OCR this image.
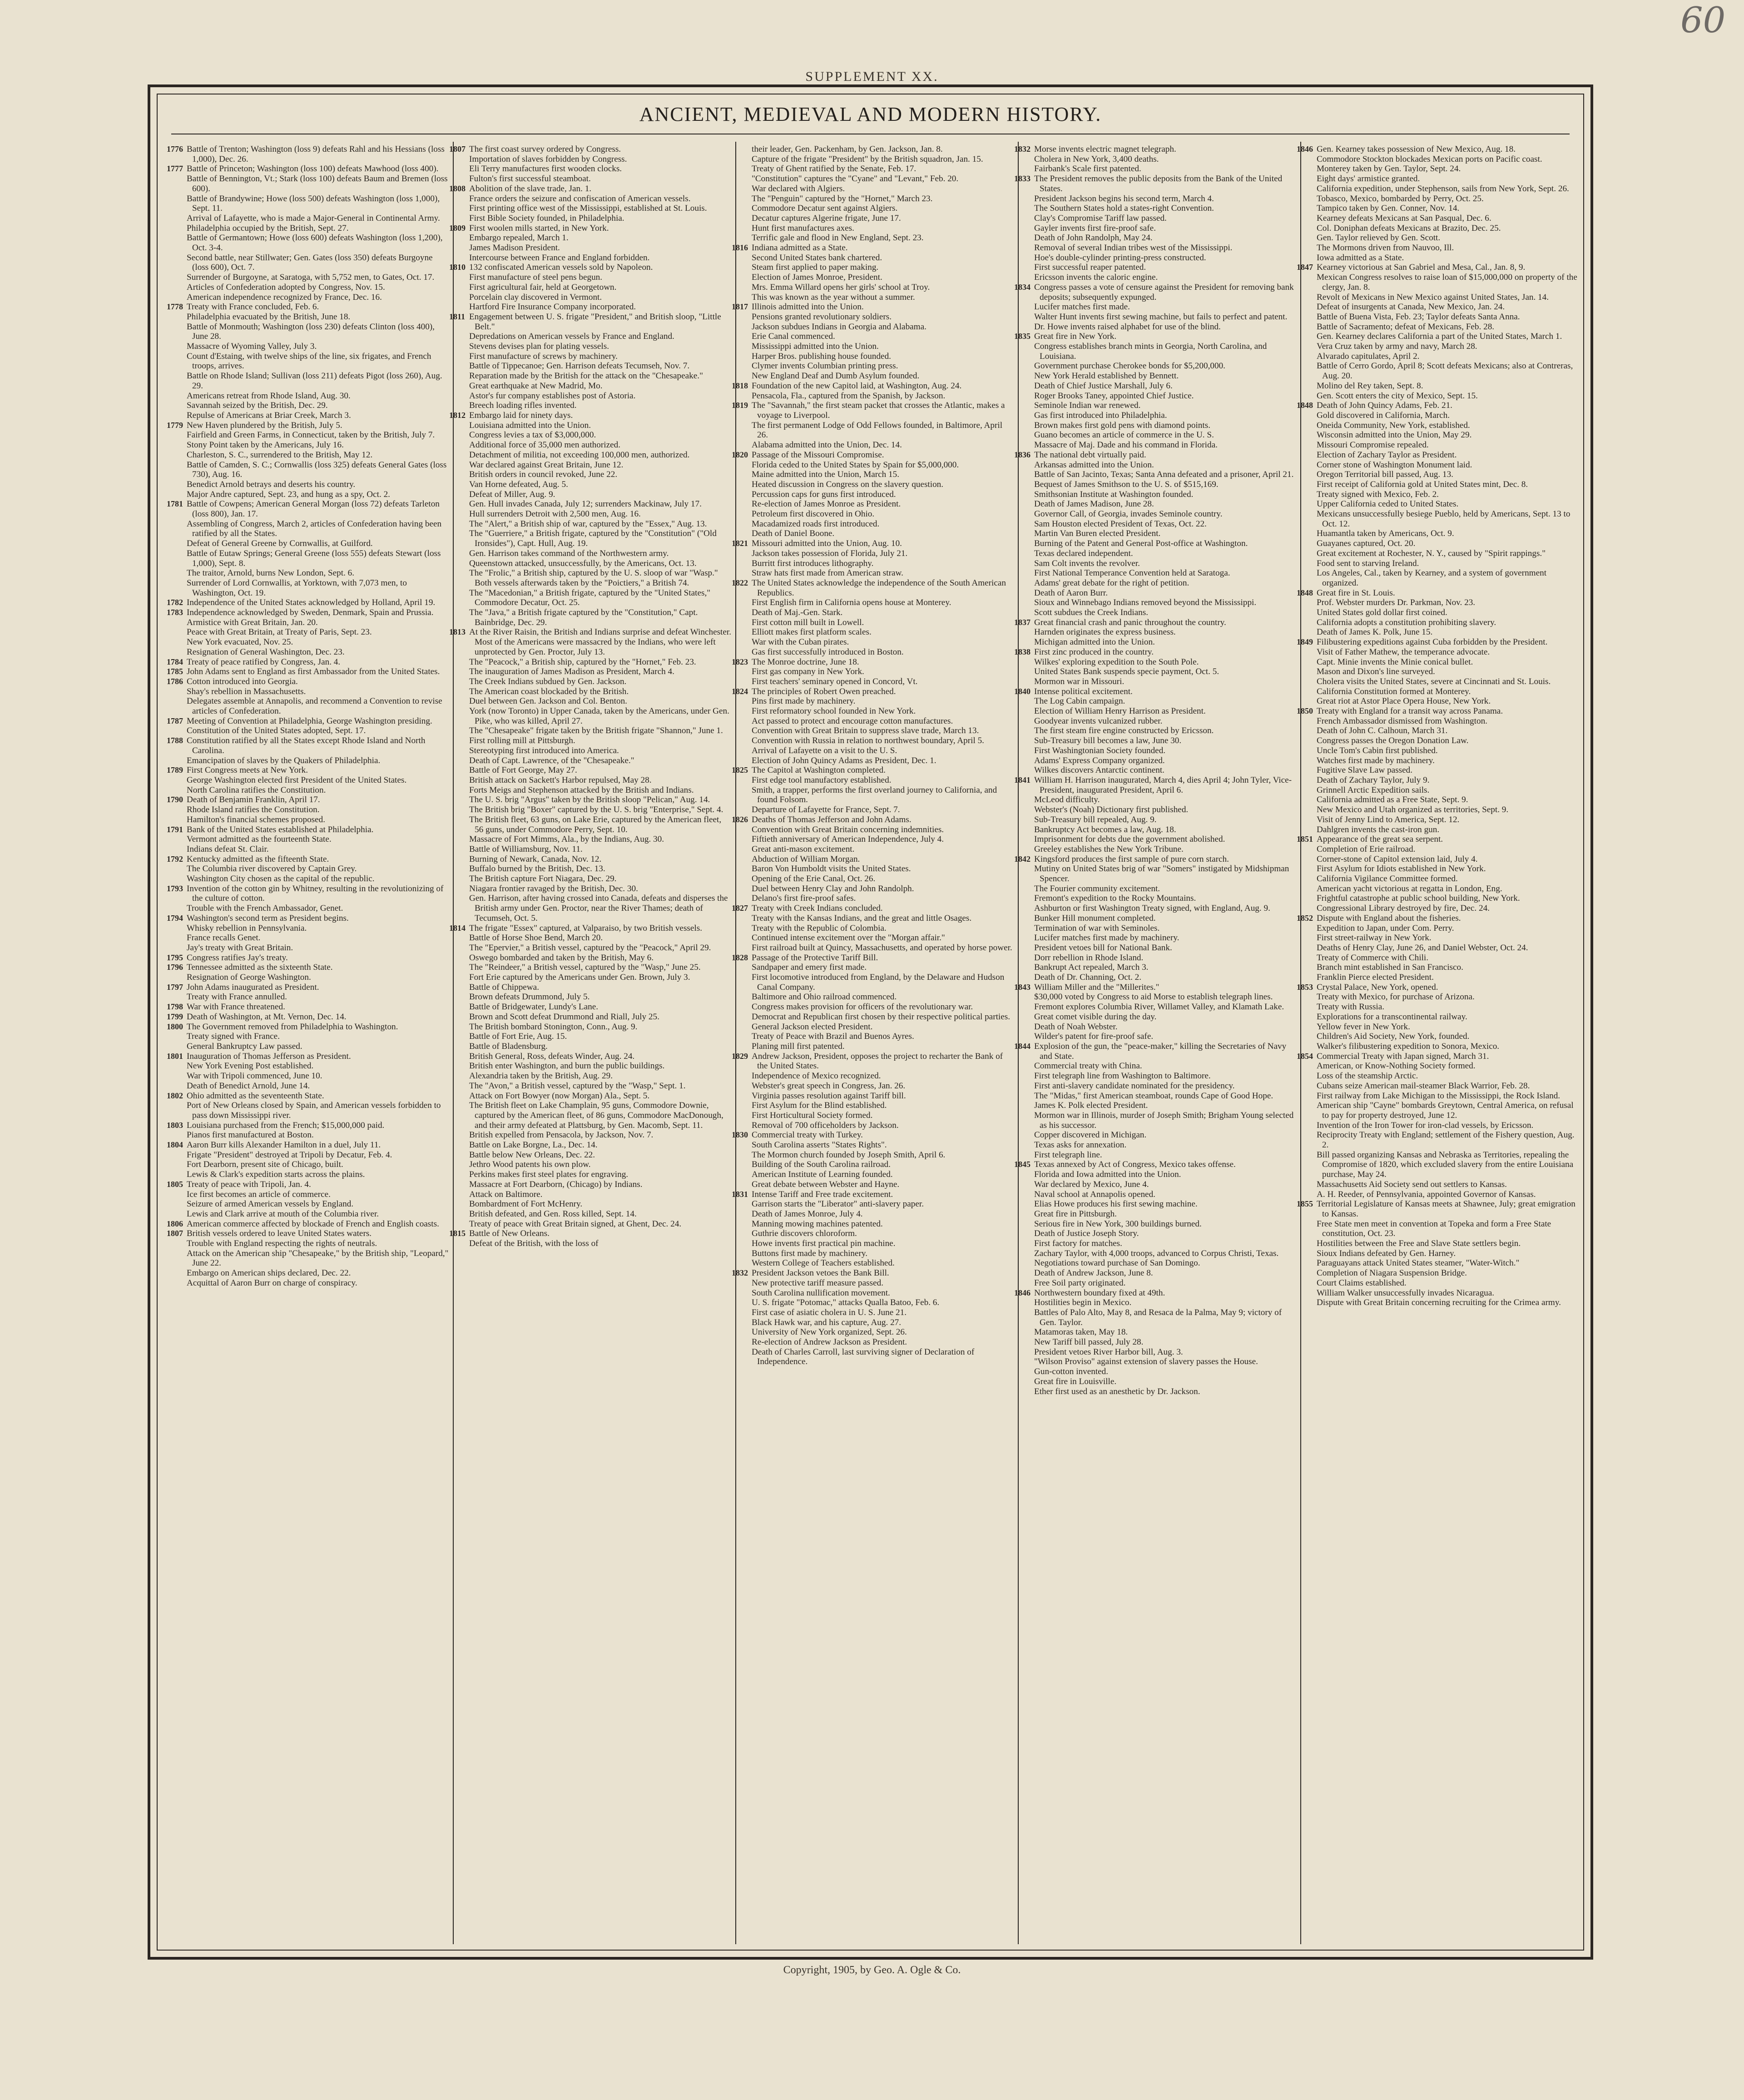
60
SUPPLEMENT XX.
ANCIENT, MEDIEVAL AND MODERN HISTORY.
1776 Battle of Trenton; Washington (loss 9) defeats Rahl and his Hessians (loss 1,000), Dec. 26.
1777 Battle of Princeton; Washington (loss 100) defeats Mawhood (loss 400).
Battle of Bennington, Vt.; Stark (loss 100) defeats Baum and Bremen (loss 600).
Battle of Brandywine; Howe (loss 500) defeats Washington (loss 1,000), Sept. 11.
Arrival of Lafayette, who is made a Major-General in Continental Army.
Philadelphia occupied by the British, Sept. 27.
Battle of Germantown; Howe (loss 600) defeats Washington (loss 1,200), Oct. 3-4.
Second battle, near Stillwater; Gen. Gates (loss 350) defeats Burgoyne (loss 600), Oct. 7.
Surrender of Burgoyne, at Saratoga, with 5,752 men, to Gates, Oct. 17.
Articles of Confederation adopted by Congress, Nov. 15.
American independence recognized by France, Dec. 16.
1778 Treaty with France concluded, Feb. 6.
Philadelphia evacuated by the British, June 18.
Battle of Monmouth; Washington (loss 230) defeats Clinton (loss 400), June 28.
Massacre of Wyoming Valley, July 3.
Count d'Estaing, with twelve ships of the line, six frigates, and French troops, arrives.
Battle on Rhode Island; Sullivan (loss 211) defeats Pigot (loss 260), Aug. 29.
Americans retreat from Rhode Island, Aug. 30.
Savannah seized by the British, Dec. 29.
Repulse of Americans at Briar Creek, March 3.
1779 New Haven plundered by the British, July 5.
Fairfield and Green Farms, in Connecticut, taken by the British, July 7.
Stony Point taken by the Americans, July 16.
Charleston, S. C., surrendered to the British, May 12.
Battle of Camden, S. C.; Cornwallis (loss 325) defeats General Gates (loss 730), Aug. 16.
Benedict Arnold betrays and deserts his country.
Major Andre captured, Sept. 23, and hung as a spy, Oct. 2.
1781 Battle of Cowpens; American General Morgan (loss 72) defeats Tarleton (loss 800), Jan. 17.
Assembling of Congress, March 2, articles of Confederation having been ratified by all the States.
Defeat of General Greene by Cornwallis, at Guilford.
Battle of Eutaw Springs; General Greene (loss 555) defeats Stewart (loss 1,000), Sept. 8.
The traitor, Arnold, burns New London, Sept. 6.
Surrender of Lord Cornwallis, at Yorktown, with 7,073 men, to Washington, Oct. 19.
1782 Independence of the United States acknowledged by Holland, April 19.
1783 Independence acknowledged by Sweden, Denmark, Spain and Prussia.
Armistice with Great Britain, Jan. 20.
Peace with Great Britain, at Treaty of Paris, Sept. 23.
New York evacuated, Nov. 25.
Resignation of General Washington, Dec. 23.
1784 Treaty of peace ratified by Congress, Jan. 4.
1785 John Adams sent to England as first Ambassador from the United States.
1786 Cotton introduced into Georgia.
Shay's rebellion in Massachusetts.
Delegates assemble at Annapolis, and recommend a Convention to revise articles of Confederation.
1787 Meeting of Convention at Philadelphia, George Washington presiding.
Constitution of the United States adopted, Sept. 17.
1788 Constitution ratified by all the States except Rhode Island and North Carolina.
Emancipation of slaves by the Quakers of Philadelphia.
1789 First Congress meets at New York.
George Washington elected first President of the United States.
North Carolina ratifies the Constitution.
1790 Death of Benjamin Franklin, April 17.
Rhode Island ratifies the Constitution.
Hamilton's financial schemes proposed.
1791 Bank of the United States established at Philadelphia.
Vermont admitted as the fourteenth State.
Indians defeat St. Clair.
1792 Kentucky admitted as the fifteenth State.
The Columbia river discovered by Captain Grey.
Washington City chosen as the capital of the republic.
1793 Invention of the cotton gin by Whitney, resulting in the revolutionizing of the culture of cotton.
Trouble with the French Ambassador, Genet.
1794 Washington's second term as President begins.
Whisky rebellion in Pennsylvania.
France recalls Genet.
Jay's treaty with Great Britain.
1795 Congress ratifies Jay's treaty.
1796 Tennessee admitted as the sixteenth State.
Resignation of George Washington.
1797 John Adams inaugurated as President.
Treaty with France annulled.
1798 War with France threatened.
1799 Death of Washington, at Mt. Vernon, Dec. 14.
1800 The Government removed from Philadelphia to Washington.
Treaty signed with France.
General Bankruptcy Law passed.
1801 Inauguration of Thomas Jefferson as President.
New York Evening Post established.
War with Tripoli commenced, June 10.
Death of Benedict Arnold, June 14.
1802 Ohio admitted as the seventeenth State.
Port of New Orleans closed by Spain, and American vessels forbidden to pass down Mississippi river.
1803 Louisiana purchased from the French; $15,000,000 paid.
Pianos first manufactured at Boston.
1804 Aaron Burr kills Alexander Hamilton in a duel, July 11.
Frigate "President" destroyed at Tripoli by Decatur, Feb. 4.
Fort Dearborn, present site of Chicago, built.
Lewis & Clark's expedition starts across the plains.
1805 Treaty of peace with Tripoli, Jan. 4.
Ice first becomes an article of commerce.
Seizure of armed American vessels by England.
Lewis and Clark arrive at mouth of the Columbia river.
1806 American commerce affected by blockade of French and English coasts.
1807 British vessels ordered to leave United States waters.
Trouble with England respecting the rights of neutrals.
Attack on the American ship "Chesapeake," by the British ship, "Leopard," June 22.
Embargo on American ships declared, Dec. 22.
Acquittal of Aaron Burr on charge of conspiracy.
1807 The first coast survey ordered by Congress.
Importation of slaves forbidden by Congress.
Eli Terry manufactures first wooden clocks.
Fulton's first successful steamboat.
1808 Abolition of the slave trade, Jan. 1.
France orders the seizure and confiscation of American vessels.
First printing office west of the Mississippi, established at St. Louis.
First Bible Society founded, in Philadelphia.
1809 First woolen mills started, in New York.
Embargo repealed, March 1.
James Madison President.
Intercourse between France and England forbidden.
1810 132 confiscated American vessels sold by Napoleon.
First manufacture of steel pens begun.
First agricultural fair, held at Georgetown.
Porcelain clay discovered in Vermont.
Hartford Fire Insurance Company incorporated.
1811 Engagement between U. S. frigate "President," and British sloop, "Little Belt."
Depredations on American vessels by France and England.
Stevens devises plan for plating vessels.
First manufacture of screws by machinery.
Battle of Tippecanoe; Gen. Harrison defeats Tecumseh, Nov. 7.
Reparation made by the British for the attack on the "Chesapeake."
Great earthquake at New Madrid, Mo.
Astor's fur company establishes post of Astoria.
Breech loading rifles invented.
1812 Embargo laid for ninety days.
Louisiana admitted into the Union.
Congress levies a tax of $3,000,000.
Additional force of 35,000 men authorized.
Detachment of militia, not exceeding 100,000 men, authorized.
War declared against Great Britain, June 12.
British orders in council revoked, June 22.
Van Horne defeated, Aug. 5.
Defeat of Miller, Aug. 9.
Gen. Hull invades Canada, July 12; surrenders Mackinaw, July 17.
Hull surrenders Detroit with 2,500 men, Aug. 16.
The "Alert," a British ship of war, captured by the "Essex," Aug. 13.
The "Guerriere," a British frigate, captured by the "Constitution" ("Old Ironsides"), Capt. Hull, Aug. 19.
Gen. Harrison takes command of the Northwestern army.
Queenstown attacked, unsuccessfully, by the Americans, Oct. 13.
The "Frolic," a British ship, captured by the U. S. sloop of war "Wasp." Both vessels afterwards taken by the "Poictiers," a British 74.
The "Macedonian," a British frigate, captured by the "United States," Commodore Decatur, Oct. 25.
The "Java," a British frigate captured by the "Constitution," Capt. Bainbridge, Dec. 29.
1813 At the River Raisin, the British and Indians surprise and defeat Winchester. Most of the Americans were massacred by the Indians, who were left unprotected by Gen. Proctor, July 13.
The "Peacock," a British ship, captured by the "Hornet," Feb. 23.
The inauguration of James Madison as President, March 4.
The Creek Indians subdued by Gen. Jackson.
The American coast blockaded by the British.
Duel between Gen. Jackson and Col. Benton.
York (now Toronto) in Upper Canada, taken by the Americans, under Gen. Pike, who was killed, April 27.
The "Chesapeake" frigate taken by the British frigate "Shannon," June 1.
First rolling mill at Pittsburgh.
Stereotyping first introduced into America.
Death of Capt. Lawrence, of the "Chesapeake."
Battle of Fort George, May 27.
British attack on Sackett's Harbor repulsed, May 28.
Forts Meigs and Stephenson attacked by the British and Indians.
The U. S. brig "Argus" taken by the British sloop "Pelican," Aug. 14.
The British brig "Boxer" captured by the U. S. brig "Enterprise," Sept. 4.
The British fleet, 63 guns, on Lake Erie, captured by the American fleet, 56 guns, under Commodore Perry, Sept. 10.
Massacre of Fort Mimms, Ala., by the Indians, Aug. 30.
Battle of Williamsburg, Nov. 11.
Burning of Newark, Canada, Nov. 12.
Buffalo burned by the British, Dec. 13.
The British capture Fort Niagara, Dec. 29.
Niagara frontier ravaged by the British, Dec. 30.
Gen. Harrison, after having crossed into Canada, defeats and disperses the British army under Gen. Proctor, near the River Thames; death of Tecumseh, Oct. 5.
1814 The frigate "Essex" captured, at Valparaiso, by two British vessels.
Battle of Horse Shoe Bend, March 20.
The "Epervier," a British vessel, captured by the "Peacock," April 29.
Oswego bombarded and taken by the British, May 6.
The "Reindeer," a British vessel, captured by the "Wasp," June 25.
Fort Erie captured by the Americans under Gen. Brown, July 3.
Battle of Chippewa.
Brown defeats Drummond, July 5.
Battle of Bridgewater, Lundy's Lane.
Brown and Scott defeat Drummond and Riall, July 25.
The British bombard Stonington, Conn., Aug. 9.
Battle of Fort Erie, Aug. 15.
Battle of Bladensburg.
British General, Ross, defeats Winder, Aug. 24.
British enter Washington, and burn the public buildings.
Alexandria taken by the British, Aug. 29.
The "Avon," a British vessel, captured by the "Wasp," Sept. 1.
Attack on Fort Bowyer (now Morgan) Ala., Sept. 5.
The British fleet on Lake Champlain, 95 guns, Commodore Downie, captured by the American fleet, of 86 guns, Commodore MacDonough, and their army defeated at Plattsburg, by Gen. Macomb, Sept. 11.
British expelled from Pensacola, by Jackson, Nov. 7.
Battle on Lake Borgne, La., Dec. 14.
Battle below New Orleans, Dec. 22.
Jethro Wood patents his own plow.
Perkins makes first steel plates for engraving.
Massacre at Fort Dearborn, (Chicago) by Indians.
Attack on Baltimore.
Bombardment of Fort McHenry.
British defeated, and Gen. Ross killed, Sept. 14.
Treaty of peace with Great Britain signed, at Ghent, Dec. 24.
1815 Battle of New Orleans.
Defeat of the British, with the loss of
their leader, Gen. Packenham, by Gen. Jackson, Jan. 8.
Capture of the frigate "President" by the British squadron, Jan. 15.
Treaty of Ghent ratified by the Senate, Feb. 17.
"Constitution" captures the "Cyane" and "Levant," Feb. 20.
War declared with Algiers.
The "Penguin" captured by the "Hornet," March 23.
Commodore Decatur sent against Algiers.
Decatur captures Algerine frigate, June 17.
Hunt first manufactures axes.
Terrific gale and flood in New England, Sept. 23.
1816 Indiana admitted as a State.
Second United States bank chartered.
Steam first applied to paper making.
Election of James Monroe, President.
Mrs. Emma Willard opens her girls' school at Troy.
This was known as the year without a summer.
1817 Illinois admitted into the Union.
Pensions granted revolutionary soldiers.
Jackson subdues Indians in Georgia and Alabama.
Erie Canal commenced.
Mississippi admitted into the Union.
Harper Bros. publishing house founded.
Clymer invents Columbian printing press.
New England Deaf and Dumb Asylum founded.
1818 Foundation of the new Capitol laid, at Washington, Aug. 24.
Pensacola, Fla., captured from the Spanish, by Jackson.
1819 The "Savannah," the first steam packet that crosses the Atlantic, makes a voyage to Liverpool.
The first permanent Lodge of Odd Fellows founded, in Baltimore, April 26.
Alabama admitted into the Union, Dec. 14.
1820 Passage of the Missouri Compromise.
Florida ceded to the United States by Spain for $5,000,000.
Maine admitted into the Union, March 15.
Heated discussion in Congress on the slavery question.
Percussion caps for guns first introduced.
Re-election of James Monroe as President.
Petroleum first discovered in Ohio.
Macadamized roads first introduced.
Death of Daniel Boone.
1821 Missouri admitted into the Union, Aug. 10.
Jackson takes possession of Florida, July 21.
Burritt first introduces lithography.
Straw hats first made from American straw.
1822 The United States acknowledge the independence of the South American Republics.
First English firm in California opens house at Monterey.
Death of Maj.-Gen. Stark.
First cotton mill built in Lowell.
Elliott makes first platform scales.
War with the Cuban pirates.
Gas first successfully introduced in Boston.
1823 The Monroe doctrine, June 18.
First gas company in New York.
First teachers' seminary opened in Concord, Vt.
1824 The principles of Robert Owen preached.
Pins first made by machinery.
First reformatory school founded in New York.
Act passed to protect and encourage cotton manufactures.
Convention with Great Britain to suppress slave trade, March 13.
Convention with Russia in relation to northwest boundary, April 5.
Arrival of Lafayette on a visit to the U. S.
Election of John Quincy Adams as President, Dec. 1.
1825 The Capitol at Washington completed.
First edge tool manufactory established.
Smith, a trapper, performs the first overland journey to California, and found Folsom.
Departure of Lafayette for France, Sept. 7.
1826 Deaths of Thomas Jefferson and John Adams.
Convention with Great Britain concerning indemnities.
Fiftieth anniversary of American Independence, July 4.
Great anti-mason excitement.
Abduction of William Morgan.
Baron Von Humboldt visits the United States.
Opening of the Erie Canal, Oct. 26.
Duel between Henry Clay and John Randolph.
Delano's first fire-proof safes.
1827 Treaty with Creek Indians concluded.
Treaty with the Kansas Indians, and the great and little Osages.
Treaty with the Republic of Colombia.
Continued intense excitement over the "Morgan affair."
First railroad built at Quincy, Massachusetts, and operated by horse power.
1828 Passage of the Protective Tariff Bill.
Sandpaper and emery first made.
First locomotive introduced from England, by the Delaware and Hudson Canal Company.
Baltimore and Ohio railroad commenced.
Congress makes provision for officers of the revolutionary war.
Democrat and Republican first chosen by their respective political parties.
General Jackson elected President.
Treaty of Peace with Brazil and Buenos Ayres.
Planing mill first patented.
1829 Andrew Jackson, President, opposes the project to recharter the Bank of the United States.
Independence of Mexico recognized.
Webster's great speech in Congress, Jan. 26.
Virginia passes resolution against Tariff bill.
First Asylum for the Blind established.
First Horticultural Society formed.
Removal of 700 officeholders by Jackson.
1830 Commercial treaty with Turkey.
South Carolina asserts "States Rights".
The Mormon church founded by Joseph Smith, April 6.
Building of the South Carolina railroad.
American Institute of Learning founded.
Great debate between Webster and Hayne.
1831 Intense Tariff and Free trade excitement.
Garrison starts the "Liberator" anti-slavery paper.
Death of James Monroe, July 4.
Manning mowing machines patented.
Guthrie discovers chloroform.
Howe invents first practical pin machine.
Buttons first made by machinery.
Western College of Teachers established.
1832 President Jackson vetoes the Bank Bill.
New protective tariff measure passed.
South Carolina nullification movement.
U. S. frigate "Potomac," attacks Qualla Batoo, Feb. 6.
First case of asiatic cholera in U. S. June 21.
Black Hawk war, and his capture, Aug. 27.
University of New York organized, Sept. 26.
Re-election of Andrew Jackson as President.
Death of Charles Carroll, last surviving signer of Declaration of Independence.
1832 Morse invents electric magnet telegraph.
Cholera in New York, 3,400 deaths.
Fairbank's Scale first patented.
1833 The President removes the public deposits from the Bank of the United States.
President Jackson begins his second term, March 4.
The Southern States hold a states-right Convention.
Clay's Compromise Tariff law passed.
Gayler invents first fire-proof safe.
Death of John Randolph, May 24.
Removal of several Indian tribes west of the Mississippi.
Hoe's double-cylinder printing-press constructed.
First successful reaper patented.
Ericsson invents the caloric engine.
1834 Congress passes a vote of censure against the President for removing bank deposits; subsequently expunged.
Lucifer matches first made.
Walter Hunt invents first sewing machine, but fails to perfect and patent.
Dr. Howe invents raised alphabet for use of the blind.
1835 Great fire in New York.
Congress establishes branch mints in Georgia, North Carolina, and Louisiana.
Government purchase Cherokee bonds for $5,200,000.
New York Herald established by Bennett.
Death of Chief Justice Marshall, July 6.
Roger Brooks Taney, appointed Chief Justice.
Seminole Indian war renewed.
Gas first introduced into Philadelphia.
Brown makes first gold pens with diamond points.
Guano becomes an article of commerce in the U. S.
Massacre of Maj. Dade and his command in Florida.
1836 The national debt virtually paid.
Arkansas admitted into the Union.
Battle of San Jacinto, Texas; Santa Anna defeated and a prisoner, April 21.
Bequest of James Smithson to the U. S. of $515,169.
Smithsonian Institute at Washington founded.
Death of James Madison, June 28.
Governor Call, of Georgia, invades Seminole country.
Sam Houston elected President of Texas, Oct. 22.
Martin Van Buren elected President.
Burning of the Patent and General Post-office at Washington.
Texas declared independent.
Sam Colt invents the revolver.
First National Temperance Convention held at Saratoga.
Adams' great debate for the right of petition.
Death of Aaron Burr.
Sioux and Winnebago Indians removed beyond the Mississippi.
Scott subdues the Creek Indians.
1837 Great financial crash and panic throughout the country.
Harnden originates the express business.
Michigan admitted into the Union.
1838 First zinc produced in the country.
Wilkes' exploring expedition to the South Pole.
United States Bank suspends specie payment, Oct. 5.
Mormon war in Missouri.
1840 Intense political excitement.
The Log Cabin campaign.
Election of William Henry Harrison as President.
Goodyear invents vulcanized rubber.
The first steam fire engine constructed by Ericsson.
Sub-Treasury bill becomes a law, June 30.
First Washingtonian Society founded.
Adams' Express Company organized.
Wilkes discovers Antarctic continent.
1841 William H. Harrison inaugurated, March 4, dies April 4; John Tyler, Vice-President, inaugurated President, April 6.
McLeod difficulty.
Webster's (Noah) Dictionary first published.
Sub-Treasury bill repealed, Aug. 9.
Bankruptcy Act becomes a law, Aug. 18.
Imprisonment for debts due the government abolished.
Greeley establishes the New York Tribune.
1842 Kingsford produces the first sample of pure corn starch.
Mutiny on United States brig of war "Somers" instigated by Midshipman Spencer.
The Fourier community excitement.
Fremont's expedition to the Rocky Mountains.
Ashburton or first Washington Treaty signed, with England, Aug. 9.
Bunker Hill monument completed.
Termination of war with Seminoles.
Lucifer matches first made by machinery.
President vetoes bill for National Bank.
Dorr rebellion in Rhode Island.
Bankrupt Act repealed, March 3.
Death of Dr. Channing, Oct. 2.
1843 William Miller and the "Millerites."
$30,000 voted by Congress to aid Morse to establish telegraph lines.
Fremont explores Columbia River, Willamet Valley, and Klamath Lake.
Great comet visible during the day.
Death of Noah Webster.
Wilder's patent for fire-proof safe.
1844 Explosion of the gun, the "peace-maker," killing the Secretaries of Navy and State.
Commercial treaty with China.
First telegraph line from Washington to Baltimore.
First anti-slavery candidate nominated for the presidency.
The "Midas," first American steamboat, rounds Cape of Good Hope.
James K. Polk elected President.
Mormon war in Illinois, murder of Joseph Smith; Brigham Young selected as his successor.
Copper discovered in Michigan.
Texas asks for annexation.
First telegraph line.
1845 Texas annexed by Act of Congress, Mexico takes offense.
Florida and Iowa admitted into the Union.
War declared by Mexico, June 4.
Naval school at Annapolis opened.
Elias Howe produces his first sewing machine.
Great fire in Pittsburgh.
Serious fire in New York, 300 buildings burned.
Death of Justice Joseph Story.
First factory for matches.
Zachary Taylor, with 4,000 troops, advanced to Corpus Christi, Texas.
Negotiations toward purchase of San Domingo.
Death of Andrew Jackson, June 8.
Free Soil party originated.
1846 Northwestern boundary fixed at 49th.
Hostilities begin in Mexico.
Battles of Palo Alto, May 8, and Resaca de la Palma, May 9; victory of Gen. Taylor.
Matamoras taken, May 18.
New Tariff bill passed, July 28.
President vetoes River Harbor bill, Aug. 3.
"Wilson Proviso" against extension of slavery passes the House.
Gun-cotton invented.
Great fire in Louisville.
Ether first used as an anesthetic by Dr. Jackson.
1846 Gen. Kearney takes possession of New Mexico, Aug. 18.
Commodore Stockton blockades Mexican ports on Pacific coast.
Monterey taken by Gen. Taylor, Sept. 24.
Eight days' armistice granted.
California expedition, under Stephenson, sails from New York, Sept. 26.
Tobasco, Mexico, bombarded by Perry, Oct. 25.
Tampico taken by Gen. Conner, Nov. 14.
Kearney defeats Mexicans at San Pasqual, Dec. 6.
Col. Doniphan defeats Mexicans at Brazito, Dec. 25.
Gen. Taylor relieved by Gen. Scott.
The Mormons driven from Nauvoo, Ill.
Iowa admitted as a State.
1847 Kearney victorious at San Gabriel and Mesa, Cal., Jan. 8, 9.
Mexican Congress resolves to raise loan of $15,000,000 on property of the clergy, Jan. 8.
Revolt of Mexicans in New Mexico against United States, Jan. 14.
Defeat of insurgents at Canada, New Mexico, Jan. 24.
Battle of Buena Vista, Feb. 23; Taylor defeats Santa Anna.
Battle of Sacramento; defeat of Mexicans, Feb. 28.
Gen. Kearney declares California a part of the United States, March 1.
Vera Cruz taken by army and navy, March 28.
Alvarado capitulates, April 2.
Battle of Cerro Gordo, April 8; Scott defeats Mexicans; also at Contreras, Aug. 20.
Molino del Rey taken, Sept. 8.
Gen. Scott enters the city of Mexico, Sept. 15.
1848 Death of John Quincy Adams, Feb. 21.
Gold discovered in California, March.
Oneida Community, New York, established.
Wisconsin admitted into the Union, May 29.
Missouri Compromise repealed.
Election of Zachary Taylor as President.
Corner stone of Washington Monument laid.
Oregon Territorial bill passed, Aug. 13.
First receipt of California gold at United States mint, Dec. 8.
Treaty signed with Mexico, Feb. 2.
Upper California ceded to United States.
Mexicans unsuccessfully besiege Pueblo, held by Americans, Sept. 13 to Oct. 12.
Huamantla taken by Americans, Oct. 9.
Guayanes captured, Oct. 20.
Great excitement at Rochester, N. Y., caused by "Spirit rappings."
Food sent to starving Ireland.
Los Angeles, Cal., taken by Kearney, and a system of government organized.
1848 Great fire in St. Louis.
Prof. Webster murders Dr. Parkman, Nov. 23.
United States gold dollar first coined.
California adopts a constitution prohibiting slavery.
Death of James K. Polk, June 15.
1849 Filibustering expeditions against Cuba forbidden by the President.
Visit of Father Mathew, the temperance advocate.
Capt. Minie invents the Minie conical bullet.
Mason and Dixon's line surveyed.
Cholera visits the United States, severe at Cincinnati and St. Louis.
California Constitution formed at Monterey.
Great riot at Astor Place Opera House, New York.
1850 Treaty with England for a transit way across Panama.
French Ambassador dismissed from Washington.
Death of John C. Calhoun, March 31.
Congress passes the Oregon Donation Law.
Uncle Tom's Cabin first published.
Watches first made by machinery.
Fugitive Slave Law passed.
Death of Zachary Taylor, July 9.
Grinnell Arctic Expedition sails.
California admitted as a Free State, Sept. 9.
New Mexico and Utah organized as territories, Sept. 9.
Visit of Jenny Lind to America, Sept. 12.
Dahlgren invents the cast-iron gun.
1851 Appearance of the great sea serpent.
Completion of Erie railroad.
Corner-stone of Capitol extension laid, July 4.
First Asylum for Idiots established in New York.
California Vigilance Committee formed.
American yacht victorious at regatta in London, Eng.
Frightful catastrophe at public school building, New York.
Congressional Library destroyed by fire, Dec. 24.
1852 Dispute with England about the fisheries.
Expedition to Japan, under Com. Perry.
First street-railway in New York.
Deaths of Henry Clay, June 26, and Daniel Webster, Oct. 24.
Treaty of Commerce with Chili.
Branch mint established in San Francisco.
Franklin Pierce elected President.
1853 Crystal Palace, New York, opened.
Treaty with Mexico, for purchase of Arizona.
Treaty with Russia.
Explorations for a transcontinental railway.
Yellow fever in New York.
Children's Aid Society, New York, founded.
Walker's filibustering expedition to Sonora, Mexico.
1854 Commercial Treaty with Japan signed, March 31.
American, or Know-Nothing Society formed.
Loss of the steamship Arctic.
Cubans seize American mail-steamer Black Warrior, Feb. 28.
First railway from Lake Michigan to the Mississippi, the Rock Island.
American ship "Cayne" bombards Greytown, Central America, on refusal to pay for property destroyed, June 12.
Invention of the Iron Tower for iron-clad vessels, by Ericsson.
Reciprocity Treaty with England; settlement of the Fishery question, Aug. 2.
Bill passed organizing Kansas and Nebraska as Territories, repealing the Compromise of 1820, which excluded slavery from the entire Louisiana purchase, May 24.
Massachusetts Aid Society send out settlers to Kansas.
A. H. Reeder, of Pennsylvania, appointed Governor of Kansas.
1855 Territorial Legislature of Kansas meets at Shawnee, July; great emigration to Kansas.
Free State men meet in convention at Topeka and form a Free State constitution, Oct. 23.
Hostilities between the Free and Slave State settlers begin.
Sioux Indians defeated by Gen. Harney.
Paraguayans attack United States steamer, "Water-Witch."
Completion of Niagara Suspension Bridge.
Court Claims established.
William Walker unsuccessfully invades Nicaragua.
Dispute with Great Britain concerning recruiting for the Crimea army.
Copyright, 1905, by Geo. A. Ogle & Co.
